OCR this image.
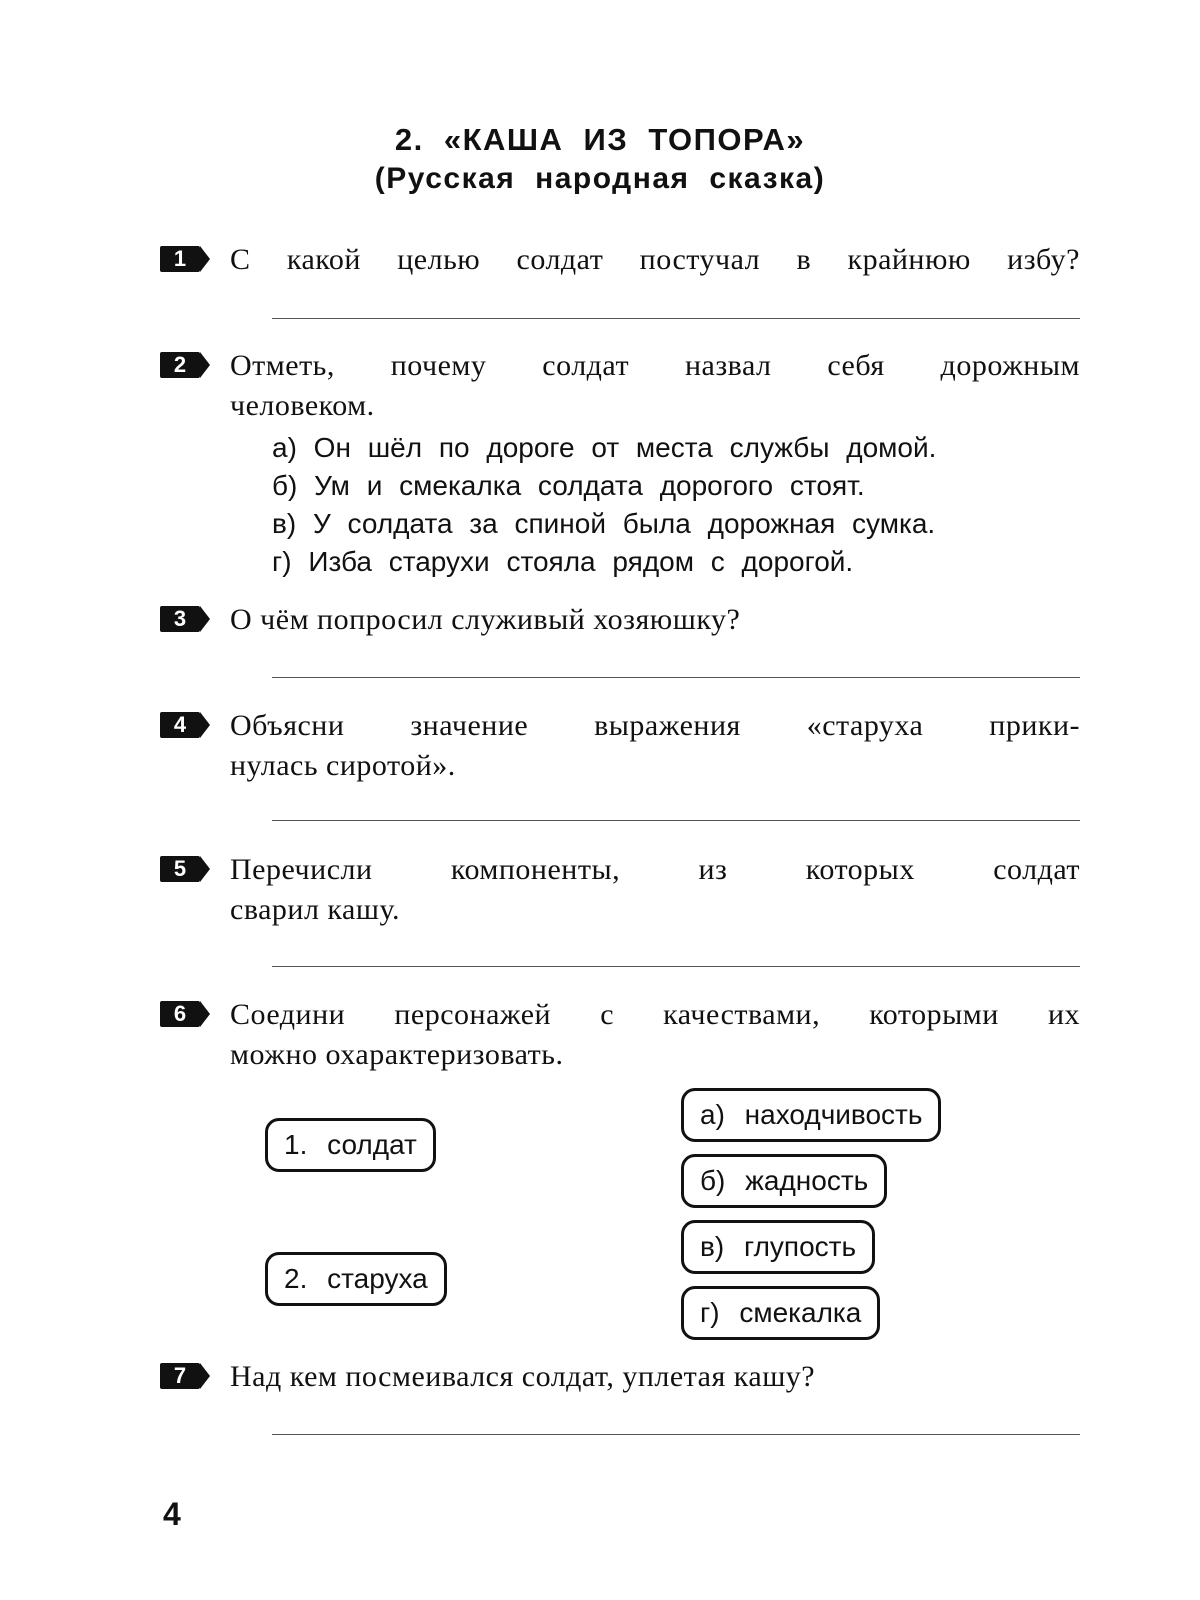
2. «КАША ИЗ ТОПОРА»
(Русская народная сказка)
1	С какой целью солдат постучал в крайнюю избу?
2	Отметь, почему солдат назвал себя дорожным
человеком.
а) Он шёл по дороге от места службы домой.
б) Ум и смекалка солдата дорогого стоят.
в) У солдата за спиной была дорожная сумка.
г) Изба старухи стояла рядом с дорогой.
3	О чём попросил служивый хозяюшку?
4	Объясни значение выражения «старуха прики-
нулась сиротой».
5	Перечисли компоненты, из которых солдат
сварил кашу.
6	Соедини персонажей с качествами, которыми их
можно охарактеризовать.
1. солдат
2. старуха
а) находчивость
б) жадность
в) глупость
г) смекалка
7	Над кем посмеивался солдат, уплетая кашу?
4
